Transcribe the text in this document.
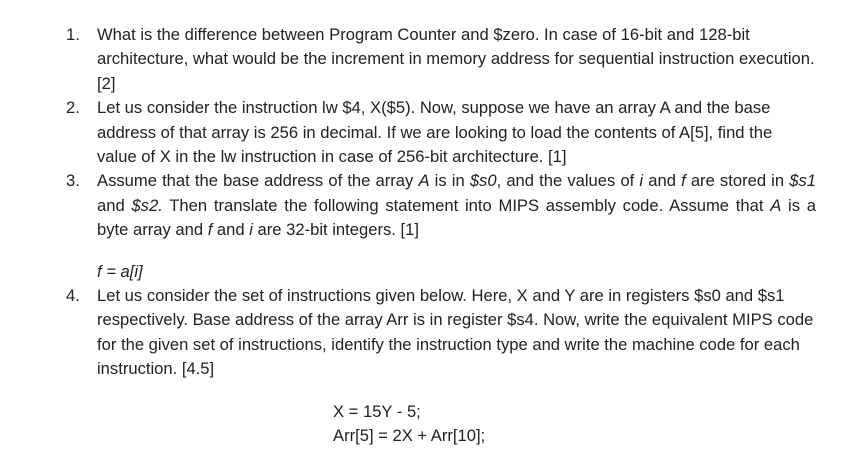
1. What is the difference between Program Counter and $zero. In case of 16-bit and 128-bit architecture, what would be the increment in memory address for sequential instruction execution. [2]
2. Let us consider the instruction lw $4, X($5). Now, suppose we have an array A and the base address of that array is 256 in decimal. If we are looking to load the contents of A[5], find the value of X in the lw instruction in case of 256-bit architecture. [1]
3. Assume that the base address of the array A is in $s0, and the values of i and f are stored in $s1 and $s2. Then translate the following statement into MIPS assembly code. Assume that A is a byte array and f and i are 32-bit integers. [1]
f = a[i]
4. Let us consider the set of instructions given below. Here, X and Y are in registers $s0 and $s1 respectively. Base address of the array Arr is in register $s4. Now, write the equivalent MIPS code for the given set of instructions, identify the instruction type and write the machine code for each instruction. [4.5]
X = 15Y - 5;
Arr[5] = 2X + Arr[10];
